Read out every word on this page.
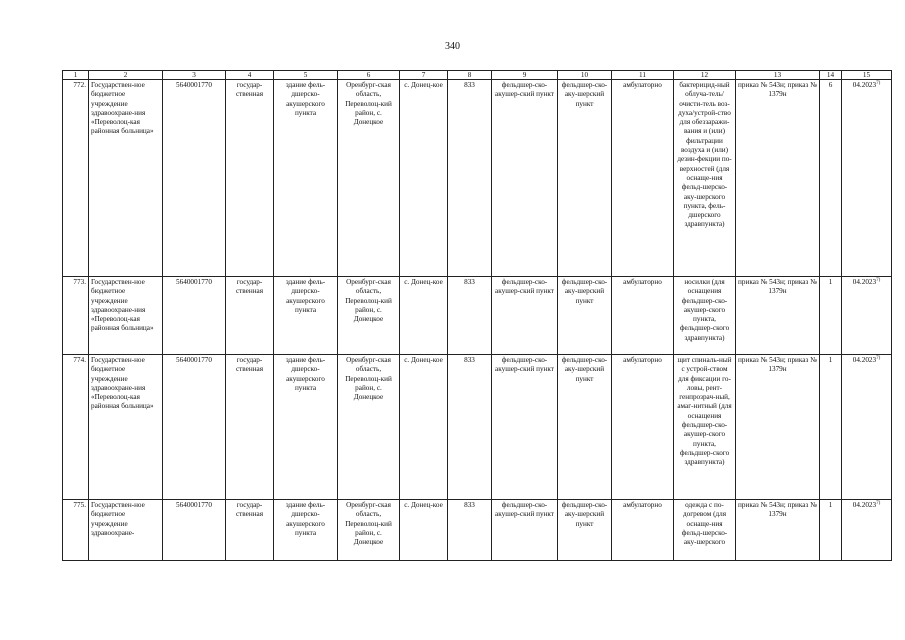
340
1	2	3	4	5	6	7	8	9	10	11	12	13	14	15
772.	Государствен-ное бюджетное учреждение здравоохране-ния «Переволоц-кая районная больница»	5640001770	государ-ственная	здание фель-дшерско-акушерского пункта	Оренбург-ская область, Переволоц-кий район, с. Донецкое	с. Донец-кое	833	фельдшер-ско-акушер-ский пункт	фельдшер-ско-аку-шерский пункт	амбулаторно	бактерицид-ный облуча-тель/очисти-тель воз-духа/устрой-ство для обеззаражи-вания и (или) фильтрации воздуха и (или) дезин-фекции по-верхностей (для оснаще-ния фельд-шерско-аку-шерского пункта, фель-дшерского здравпункта)	приказ № 543н; приказ № 1379н	6	04.2023$^{7)}$
773.	Государствен-ное бюджетное учреждение здравоохране-ния «Переволоц-кая районная больница»	5640001770	государ-ственная	здание фель-дшерско-акушерского пункта	Оренбург-ская область, Переволоц-кий район, с. Донецкое	с. Донец-кое	833	фельдшер-ско-акушер-ский пункт	фельдшер-ско-аку-шерский пункт	амбулаторно	носилки (для оснащения фельдшер-ско-акушер-ского пункта, фельдшер-ского здравпункта)	приказ № 543н; приказ № 1379н	1	04.2023$^{7)}$
774.	Государствен-ное бюджетное учреждение здравоохране-ния «Переволоц-кая районная больница»	5640001770	государ-ственная	здание фель-дшерско-акушерского пункта	Оренбург-ская область, Переволоц-кий район, с. Донецкое	с. Донец-кое	833	фельдшер-ско-акушер-ский пункт	фельдшер-ско-аку-шерский пункт	амбулаторно	щит спиналь-ный с устрой-ством для фиксации го-ловы, рент-генпрозрач-ный, амаг-нитный (для оснащения фельдшер-ско-акушер-ского пункта, фельдшер-ского здравпункта)	приказ № 543н; приказ № 1379н	1	04.2023$^{7)}$
775.	Государствен-ное бюджетное учреждение здравоохране-	5640001770	государ-ственная	здание фель-дшерско-акушерского пункта	Оренбург-ская область, Переволоц-кий район, с. Донецкое	с. Донец-кое	833	фельдшер-ско-акушер-ский пункт	фельдшер-ско-аку-шерский пункт	амбулаторно	одежда с по-догревом (для оснаще-ния фельд-шерско-аку-шерского	приказ № 543н; приказ № 1379н	1	04.2023$^{7)}$
